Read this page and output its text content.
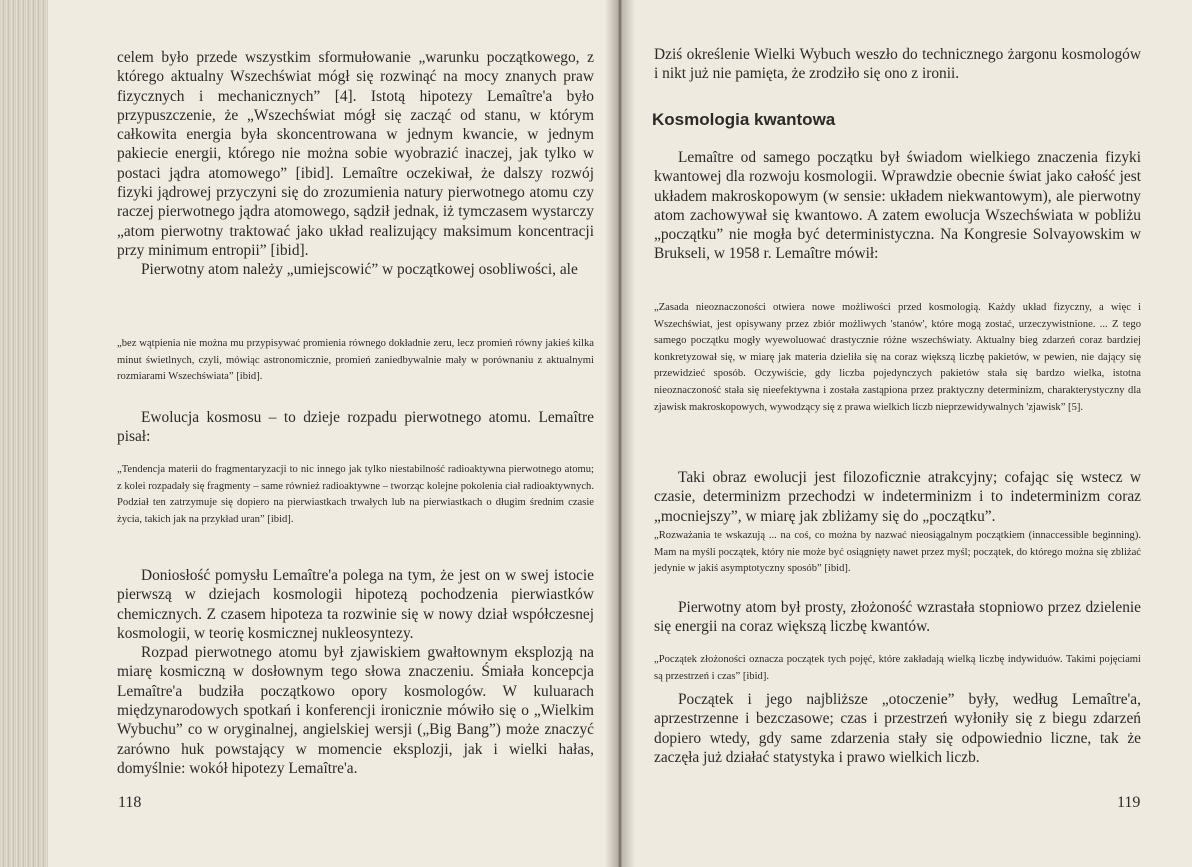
celem było przede wszystkim sformułowanie „warunku początkowego, z którego aktualny Wszechświat mógł się rozwinąć na mocy znanych praw fizycznych i mechanicznych” [4]. Istotą hipotezy Lemaître'a było przypuszczenie, że „Wszechświat mógł się zacząć od stanu, w którym całkowita energia była skoncentrowana w jednym kwancie, w jednym pakiecie energii, którego nie można sobie wyobrazić inaczej, jak tylko w postaci jądra atomowego” [ibid]. Lemaître oczekiwał, że dalszy rozwój fizyki jądrowej przyczyni się do zrozumienia natury pierwotnego atomu czy raczej pierwotnego jądra atomowego, sądził jednak, iż tymczasem wystarczy „atom pierwotny traktować jako układ realizujący maksimum koncentracji przy minimum entropii” [ibid].

Pierwotny atom należy „umiejscowić” w początkowej osobliwości, ale

„bez wątpienia nie można mu przypisywać promienia równego dokładnie zeru, lecz promień równy jakieś kilka minut świetlnych, czyli, mówiąc astronomicznie, promień zaniedbywalnie mały w porównaniu z aktualnymi rozmiarami Wszechświata” [ibid].

Ewolucja kosmosu – to dzieje rozpadu pierwotnego atomu. Lemaître pisał:

„Tendencja materii do fragmentaryzacji to nic innego jak tylko niestabilność radioaktywna pierwotnego atomu; z kolei rozpadały się fragmenty – same również radioaktywne – tworząc kolejne pokolenia ciał radioaktywnych. Podział ten zatrzymuje się dopiero na pierwiastkach trwałych lub na pierwiastkach o długim średnim czasie życia, takich jak na przykład uran” [ibid].

Doniosłość pomysłu Lemaître'a polega na tym, że jest on w swej istocie pierwszą w dziejach kosmologii hipotezą pochodzenia pierwiastków chemicznych. Z czasem hipoteza ta rozwinie się w nowy dział współczesnej kosmologii, w teorię kosmicznej nukleosyntezy.

Rozpad pierwotnego atomu był zjawiskiem gwałtownym eksplozją na miarę kosmiczną w dosłownym tego słowa znaczeniu. Śmiała koncepcja Lemaître'a budziła początkowo opory kosmologów. W kuluarach międzynarodowych spotkań i konferencji ironicznie mówiło się o „Wielkim Wybuchu” co w oryginalnej, angielskiej wersji („Big Bang”) może znaczyć zarówno huk powstający w momencie eksplozji, jak i wielki hałas, domyślnie: wokół hipotezy Lemaître'a.

118

Dziś określenie Wielki Wybuch weszło do technicznego żargonu kosmologów i nikt już nie pamięta, że zrodziło się ono z ironii.

Kosmologia kwantowa

Lemaître od samego początku był świadom wielkiego znaczenia fizyki kwantowej dla rozwoju kosmologii. Wprawdzie obecnie świat jako całość jest układem makroskopowym (w sensie: układem niekwantowym), ale pierwotny atom zachowywał się kwantowo. A zatem ewolucja Wszechświata w pobliżu „początku” nie mogła być deterministyczna. Na Kongresie Solvayowskim w Brukseli, w 1958 r. Lemaître mówił:

„Zasada nieoznaczoności otwiera nowe możliwości przed kosmologią. Każdy układ fizyczny, a więc i Wszechświat, jest opisywany przez zbiór możliwych 'stanów', które mogą zostać, urzeczywistnione. ... Z tego samego początku mogły wyewoluować drastycznie różne wszechświaty. Aktualny bieg zdarzeń coraz bardziej konkretyzował się, w miarę jak materia dzieliła się na coraz większą liczbę pakietów, w pewien, nie dający się przewidzieć sposób. Oczywiście, gdy liczba pojedynczych pakietów stała się bardzo wielka, istotna nieoznaczoność stała się nieefektywna i została zastąpiona przez praktyczny determinizm, charakterystyczny dla zjawisk makroskopowych, wywodzący się z prawa wielkich liczb nieprzewidywalnych 'zjawisk” [5].

Taki obraz ewolucji jest filozoficznie atrakcyjny; cofając się wstecz w czasie, determinizm przechodzi w indeterminizm i to indeterminizm coraz „mocniejszy”, w miarę jak zbliżamy się do „początku”.

„Rozważania te wskazują ... na coś, co można by nazwać nieosiągalnym początkiem (innaccessible beginning). Mam na myśli początek, który nie może być osiągnięty nawet przez myśl; początek, do którego można się zbliżać jedynie w jakiś asymptotyczny sposób” [ibid].

Pierwotny atom był prosty, złożoność wzrastała stopniowo przez dzielenie się energii na coraz większą liczbę kwantów.

„Początek złożoności oznacza początek tych pojęć, które zakładają wielką liczbę indywiduów. Takimi pojęciami są przestrzeń i czas” [ibid].

Początek i jego najbliższe „otoczenie” były, według Lemaître'a, aprzestrzenne i bezczasowe; czas i przestrzeń wyłoniły się z biegu zdarzeń dopiero wtedy, gdy same zdarzenia stały się odpowiednio liczne, tak że zaczęła już działać statystyka i prawo wielkich liczb.

119
